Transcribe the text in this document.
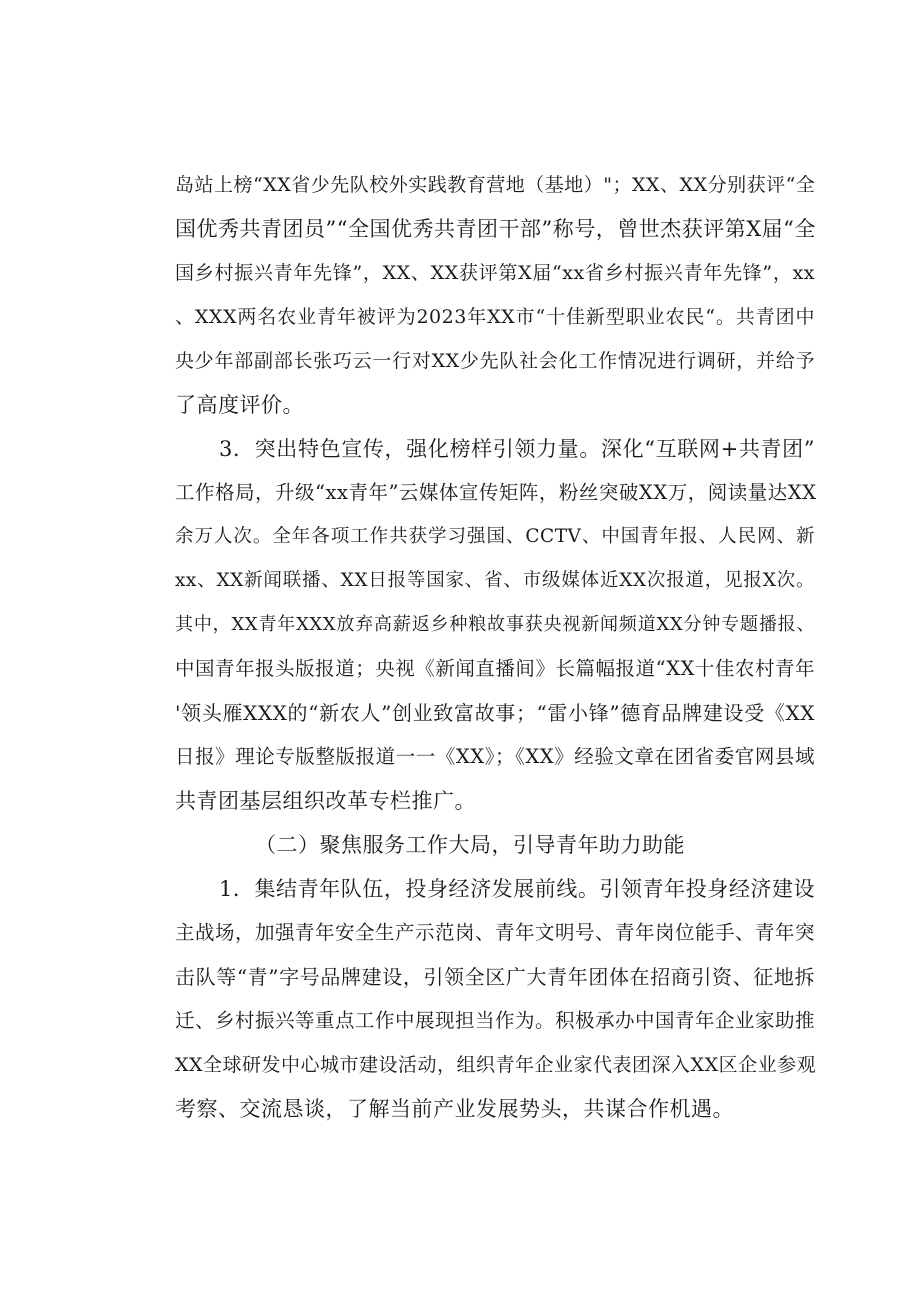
岛站上榜“XX省少先队校外实践教育营地（基地）"；XX、XX分别获评“全
国优秀共青团员”“全国优秀共青团干部”称号，曾世杰获评第X届“全
国乡村振兴青年先锋”，XX、XX获评第X届“xx省乡村振兴青年先锋”，xx
、XXX两名农业青年被评为2023年XX市“十佳新型职业农民“。共青团中
央少年部副部长张巧云一行对XX少先队社会化工作情况进行调研，并给予
了高度评价。
3．突出特色宣传，强化榜样引领力量。深化“互联网+共青团”
工作格局，升级“xx青年”云媒体宣传矩阵，粉丝突破XX万，阅读量达XX
余万人次。全年各项工作共获学习强国、CCTV、中国青年报、人民网、新
xx、XX新闻联播、XX日报等国家、省、市级媒体近XX次报道，见报X次。
其中，XX青年XXX放弃高薪返乡种粮故事获央视新闻频道XX分钟专题播报、
中国青年报头版报道；央视《新闻直播间》长篇幅报道“XX十佳农村青年
'领头雁XXX的“新农人”创业致富故事；“雷小锋”德育品牌建设受《XX
日报》理论专版整版报道一一《XX》；《XX》经验文章在团省委官网县域
共青团基层组织改革专栏推广。
（二）聚焦服务工作大局，引导青年助力助能
1．集结青年队伍，投身经济发展前线。引领青年投身经济建设
主战场，加强青年安全生产示范岗、青年文明号、青年岗位能手、青年突
击队等“青”字号品牌建设，引领全区广大青年团体在招商引资、征地拆
迁、乡村振兴等重点工作中展现担当作为。积极承办中国青年企业家助推
XX全球研发中心城市建设活动，组织青年企业家代表团深入XX区企业参观
考察、交流恳谈，了解当前产业发展势头，共谋合作机遇。
